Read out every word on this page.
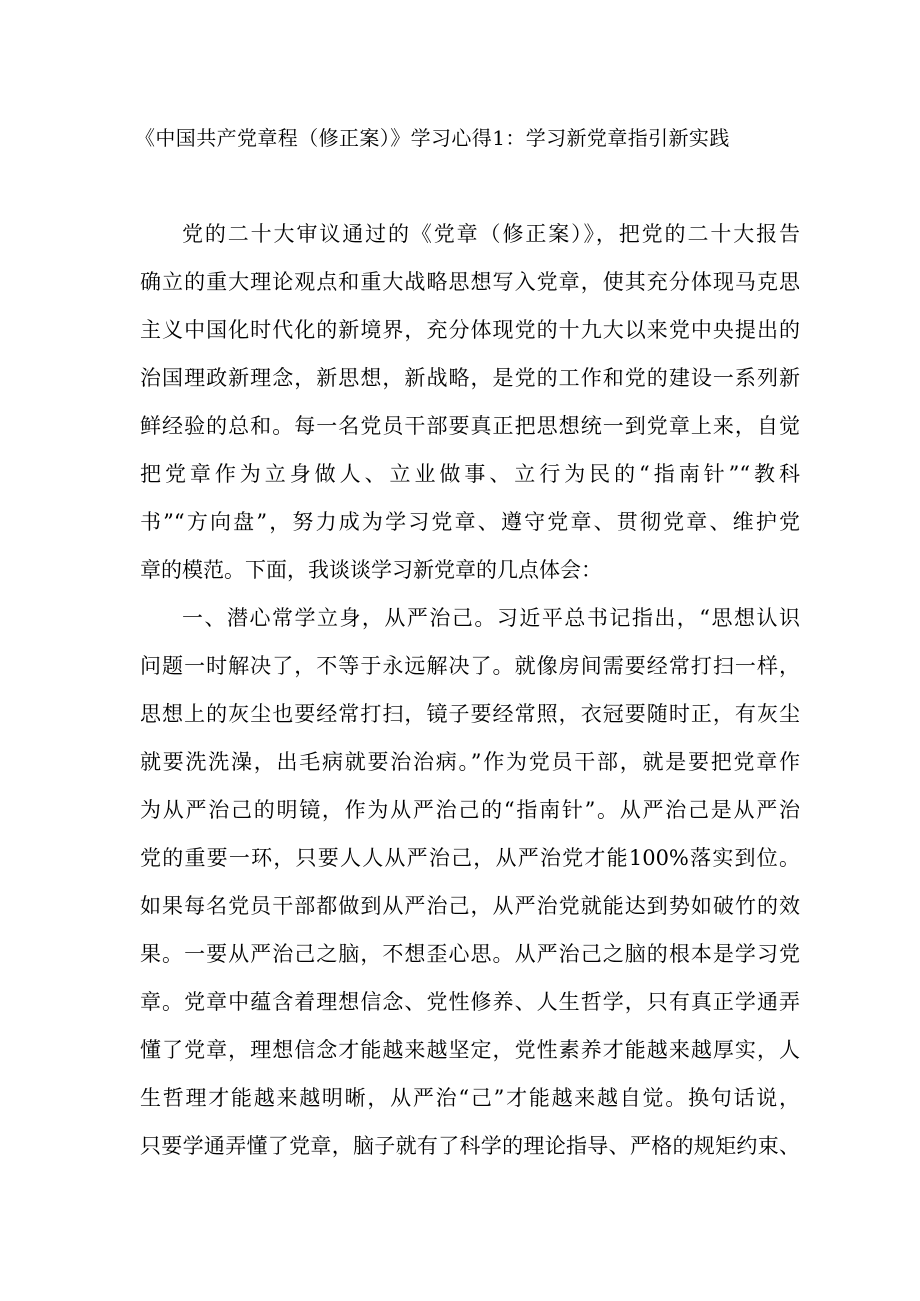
《中国共产党章程（修正案）》学习心得1：学习新党章指引新实践
党的二十大审议通过的《党章（修正案）》，把党的二十大报告
确立的重大理论观点和重大战略思想写入党章，使其充分体现马克思
主义中国化时代化的新境界，充分体现党的十九大以来党中央提出的
治国理政新理念，新思想，新战略，是党的工作和党的建设一系列新
鲜经验的总和。每一名党员干部要真正把思想统一到党章上来，自觉
把党章作为立身做人、立业做事、立行为民的“指南针”“教科
书”“方向盘”，努力成为学习党章、遵守党章、贯彻党章、维护党
章的模范。下面，我谈谈学习新党章的几点体会：
一、潜心常学立身，从严治己。习近平总书记指出，“思想认识
问题一时解决了，不等于永远解决了。就像房间需要经常打扫一样，
思想上的灰尘也要经常打扫，镜子要经常照，衣冠要随时正，有灰尘
就要洗洗澡，出毛病就要治治病。”作为党员干部，就是要把党章作
为从严治己的明镜，作为从严治己的“指南针”。从严治己是从严治
党的重要一环，只要人人从严治己，从严治党才能100%落实到位。
如果每名党员干部都做到从严治己，从严治党就能达到势如破竹的效
果。一要从严治己之脑，不想歪心思。从严治己之脑的根本是学习党
章。党章中蕴含着理想信念、党性修养、人生哲学，只有真正学通弄
懂了党章，理想信念才能越来越坚定，党性素养才能越来越厚实，人
生哲理才能越来越明晰，从严治“己”才能越来越自觉。换句话说，
只要学通弄懂了党章，脑子就有了科学的理论指导、严格的规矩约束、
